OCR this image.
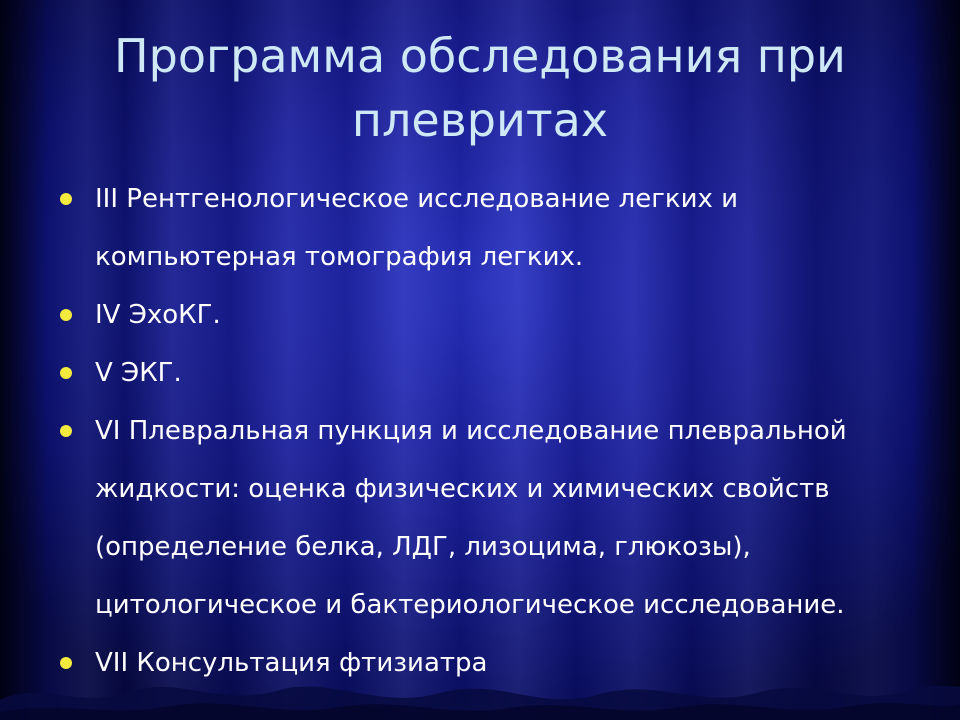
Программа обследования при плевритах
III Рентгенологическое исследование легких и компьютерная томография легких.
IV ЭхоКГ.
V ЭКГ.
VI Плевральная пункция и исследование плевральной жидкости: оценка физических и химических свойств (определение белка, ЛДГ, лизоцима, глюкозы), цитологическое и бактериологическое исследование.
VII Консультация фтизиатра
